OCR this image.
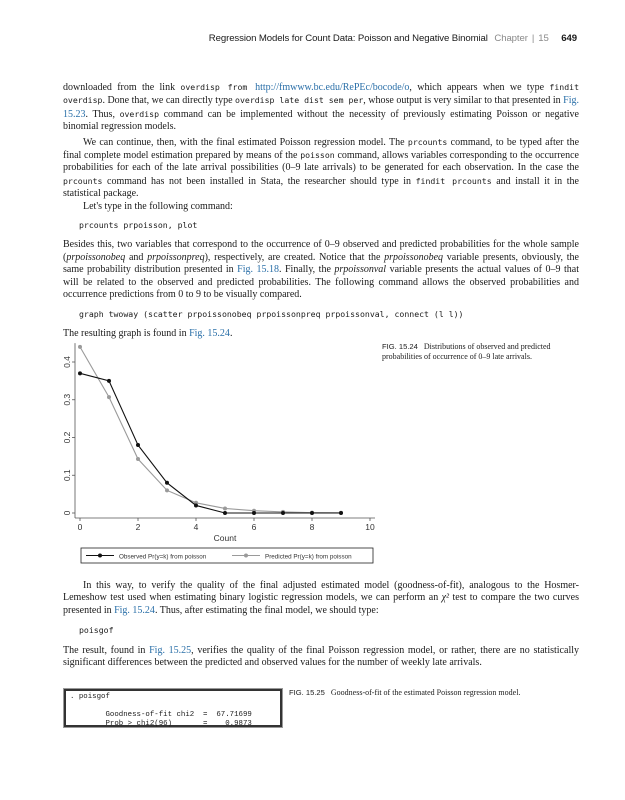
Regression Models for Count Data: Poisson and Negative Binomial Chapter | 15 649

downloaded from the link overdisp from http://fmwww.bc.edu/RePEc/bocode/o, which appears when we type findit overdisp. Done that, we can directly type overdisp late dist sem per, whose output is very similar to that presented in Fig. 15.23. Thus, overdisp command can be implemented without the necessity of previously estimating Poisson or negative binomial regression models.

We can continue, then, with the final estimated Poisson regression model. The prcounts command, to be typed after the final complete model estimation prepared by means of the poisson command, allows variables corresponding to the occurrence probabilities for each of the late arrival possibilities (0–9 late arrivals) to be generated for each observation. In the case the prcounts command has not been installed in Stata, the researcher should type in findit prcounts and install it in the statistical package.

Let's type in the following command:

prcounts prpoisson, plot

Besides this, two variables that correspond to the occurrence of 0–9 observed and predicted probabilities for the whole sample (prpoissonobeq and prpoissonpreq), respectively, are created. Notice that the prpoissonobeq variable presents, obviously, the same probability distribution presented in Fig. 15.18. Finally, the prpoissonval variable presents the actual values of 0–9 that will be related to the observed and predicted probabilities. The following command allows the observed probabilities and occurrence predictions from 0 to 9 to be visually compared.

graph twoway (scatter prpoissonobeq prpoissonpreq prpoissonval, connect (l l))

The resulting graph is found in Fig. 15.24.

0
0.1
0.2
0.3
0.4
0	2	4	6	8	10
Count
Observed Pr(y=k) from poisson	Predicted Pr(y=k) from poisson
FIG. 15.24 Distributions of observed and predicted probabilities of occurrence of 0–9 late arrivals.

In this way, to verify the quality of the final adjusted estimated model (goodness-of-fit), analogous to the Hosmer-Lemeshow test used when estimating binary logistic regression models, we can perform an χ² test to compare the two curves presented in Fig. 15.24. Thus, after estimating the final model, we should type:

poisgof

The result, found in Fig. 15.25, verifies the quality of the final Poisson regression model, or rather, there are no statistically significant differences between the predicted and observed values for the number of weekly late arrivals.

. poisgof
Goodness-of-fit chi2  =  67.71699
Prob > chi2(96)       =    0.9873
FIG. 15.25 Goodness-of-fit of the estimated Poisson regression model.
